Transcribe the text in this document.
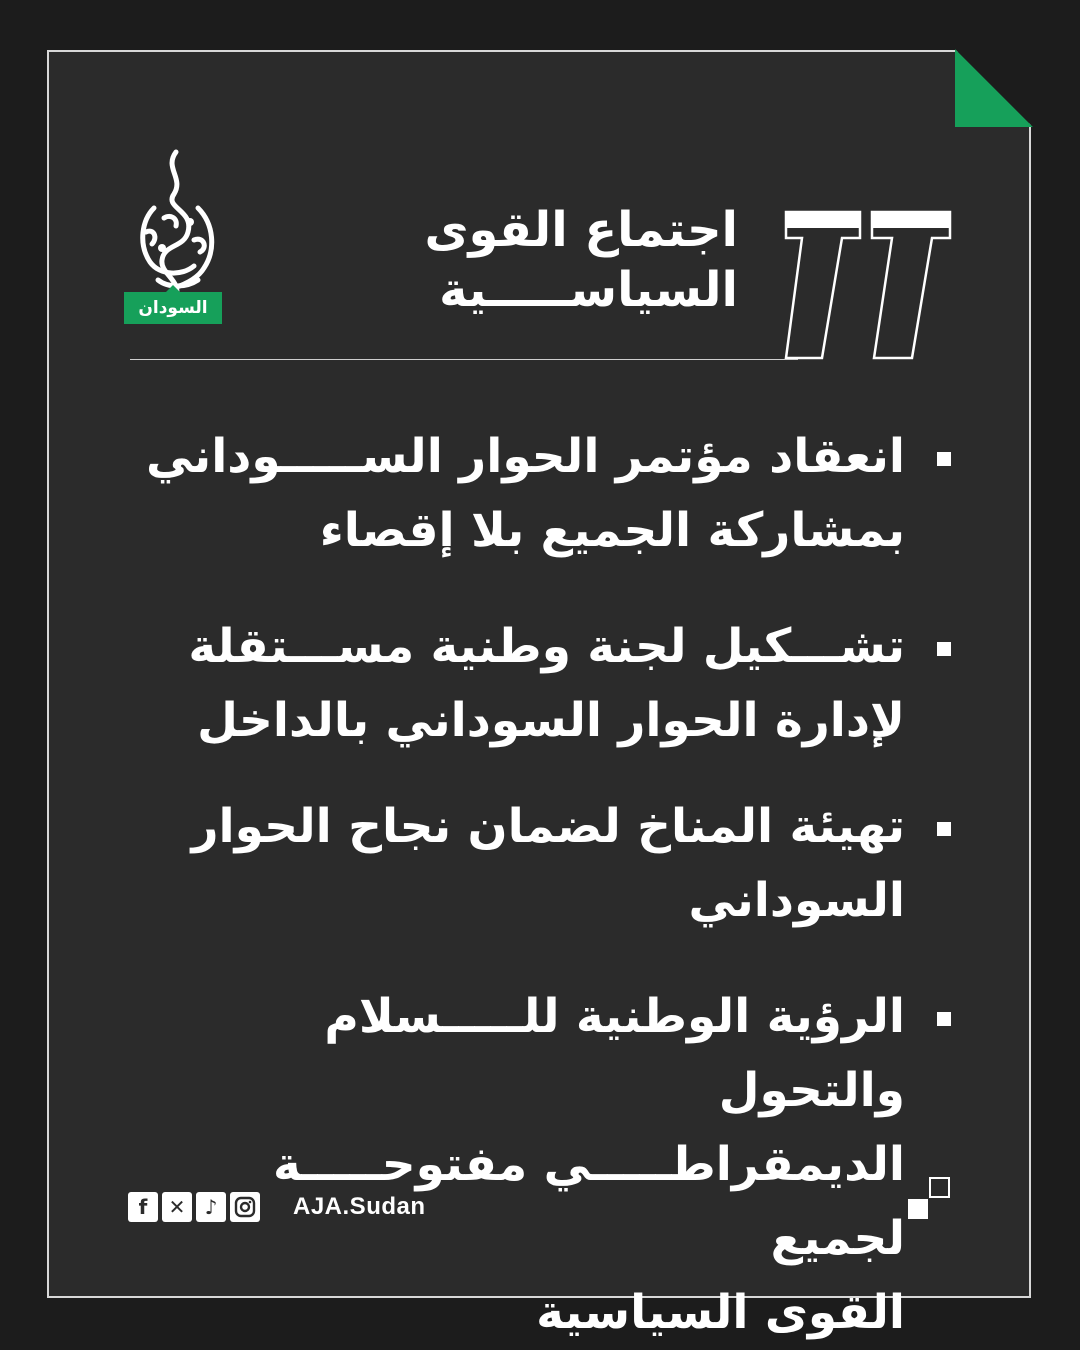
السودان
اجتماع القوى
السياســـــية
انعقاد مؤتمر الحوار الســـــوداني
بمشاركة الجميع بلا إقصاء
تشـــكيل لجنة وطنية مســـتقلة
لإدارة الحوار السوداني بالداخل
تهيئة المناخ لضمان نجاح الحوار
السوداني
الرؤية الوطنية للـــــسلام والتحول
الديمقراطـــــي مفتوحـــــة لجميع
القوى السياسية
f	✕ ♪	AJA.Sudan
